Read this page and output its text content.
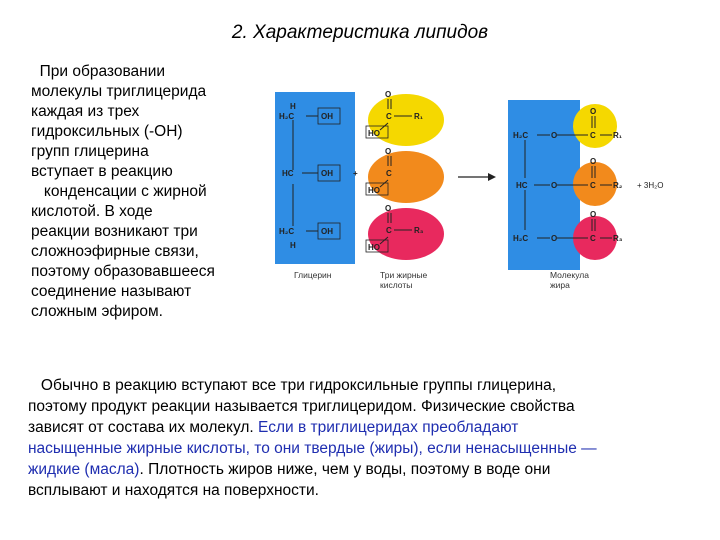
2. Характеристика липидов
При образовании
молекулы триглицерида
каждая из трех
гидроксильных (-ОН)
групп глицерина
вступает в реакцию
конденсации с жирной
кислотой. В ходе
реакции возникают три
сложноэфирные связи,
поэтому образовавшееся
соединение называют
сложным эфиром.
H₂C
HC
H₂C
OH
OH
OH
H
H
+
O
C
HO
R₁
O
C
HO
O
C
HO
R₃
H₂C
HC
H₂C
O
O
O
O
O
O
C
C
C
R₁
R₂
R₃
+ 3H₂O
Глицерин	Три жирные
кислоты
Молекула
жира
Обычно в реакцию вступают все три гидроксильные группы глицерина,
поэтому продукт реакции называется триглицеридом. Физические свойства
зависят от состава их молекул. Если в триглицеридах преобладают
насыщенные жирные кислоты, то они твердые (жиры), если ненасыщенные —
жидкие (масла). Плотность жиров ниже, чем у воды, поэтому в воде они
всплывают и находятся на поверхности.
